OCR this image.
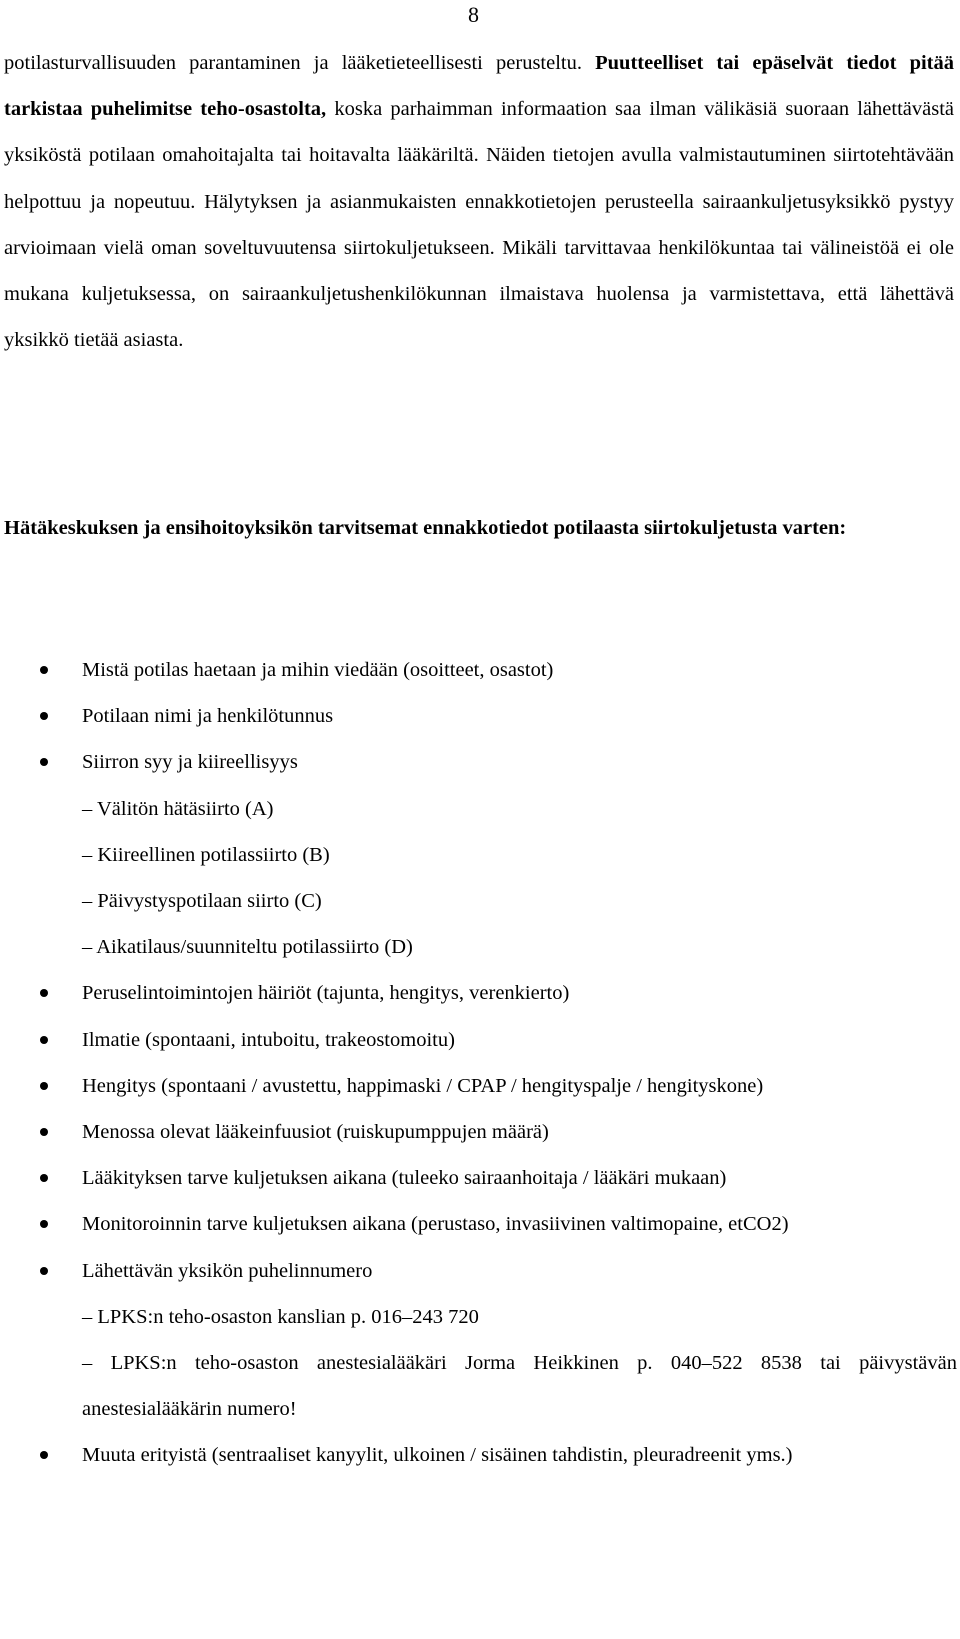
8

potilasturvallisuuden parantaminen ja lääketieteellisesti perusteltu. Puutteelliset tai epäselvät tiedot pitää tarkistaa puhelimitse teho-osastolta, koska parhaimman informaation saa ilman välikäsiä suoraan lähettävästä yksiköstä potilaan omahoitajalta tai hoitavalta lääkäriltä. Näiden tietojen avulla valmistautuminen siirtotehtävään helpottuu ja nopeutuu. Hälytyksen ja asianmukaisten ennakkotietojen perusteella sairaankuljetusyksikkö pystyy arvioimaan vielä oman soveltuvuutensa siirtokuljetukseen. Mikäli tarvittavaa henkilökuntaa tai välineistöä ei ole mukana kuljetuksessa, on sairaankuljetushenkilökunnan ilmaistava huolensa ja varmistettava, että lähettävä yksikkö tietää asiasta.

Hätäkeskuksen ja ensihoitoyksikön tarvitsemat ennakkotiedot potilaasta siirtokuljetusta varten:

Mistä potilas haetaan ja mihin viedään (osoitteet, osastot)
Potilaan nimi ja henkilötunnus
Siirron syy ja kiireellisyys
– Välitön hätäsiirto (A)
– Kiireellinen potilassiirto (B)
– Päivystyspotilaan siirto (C)
– Aikatilaus/suunniteltu potilassiirto (D)
Peruselintoimintojen häiriöt (tajunta, hengitys, verenkierto)
Ilmatie (spontaani, intuboitu, trakeostomoitu)
Hengitys (spontaani / avustettu, happimaski / CPAP / hengityspalje / hengityskone)
Menossa olevat lääkeinfuusiot (ruiskupumppujen määrä)
Lääkityksen tarve kuljetuksen aikana (tuleeko sairaanhoitaja / lääkäri mukaan)
Monitoroinnin tarve kuljetuksen aikana (perustaso, invasiivinen valtimopaine, etCO2)
Lähettävän yksikön puhelinnumero
– LPKS:n teho-osaston kanslian p. 016–243 720
– LPKS:n teho-osaston anestesialääkäri Jorma Heikkinen p. 040–522 8538 tai päivystävän anestesialääkärin numero!
Muuta erityistä (sentraaliset kanyylit, ulkoinen / sisäinen tahdistin, pleuradreenit yms.)
